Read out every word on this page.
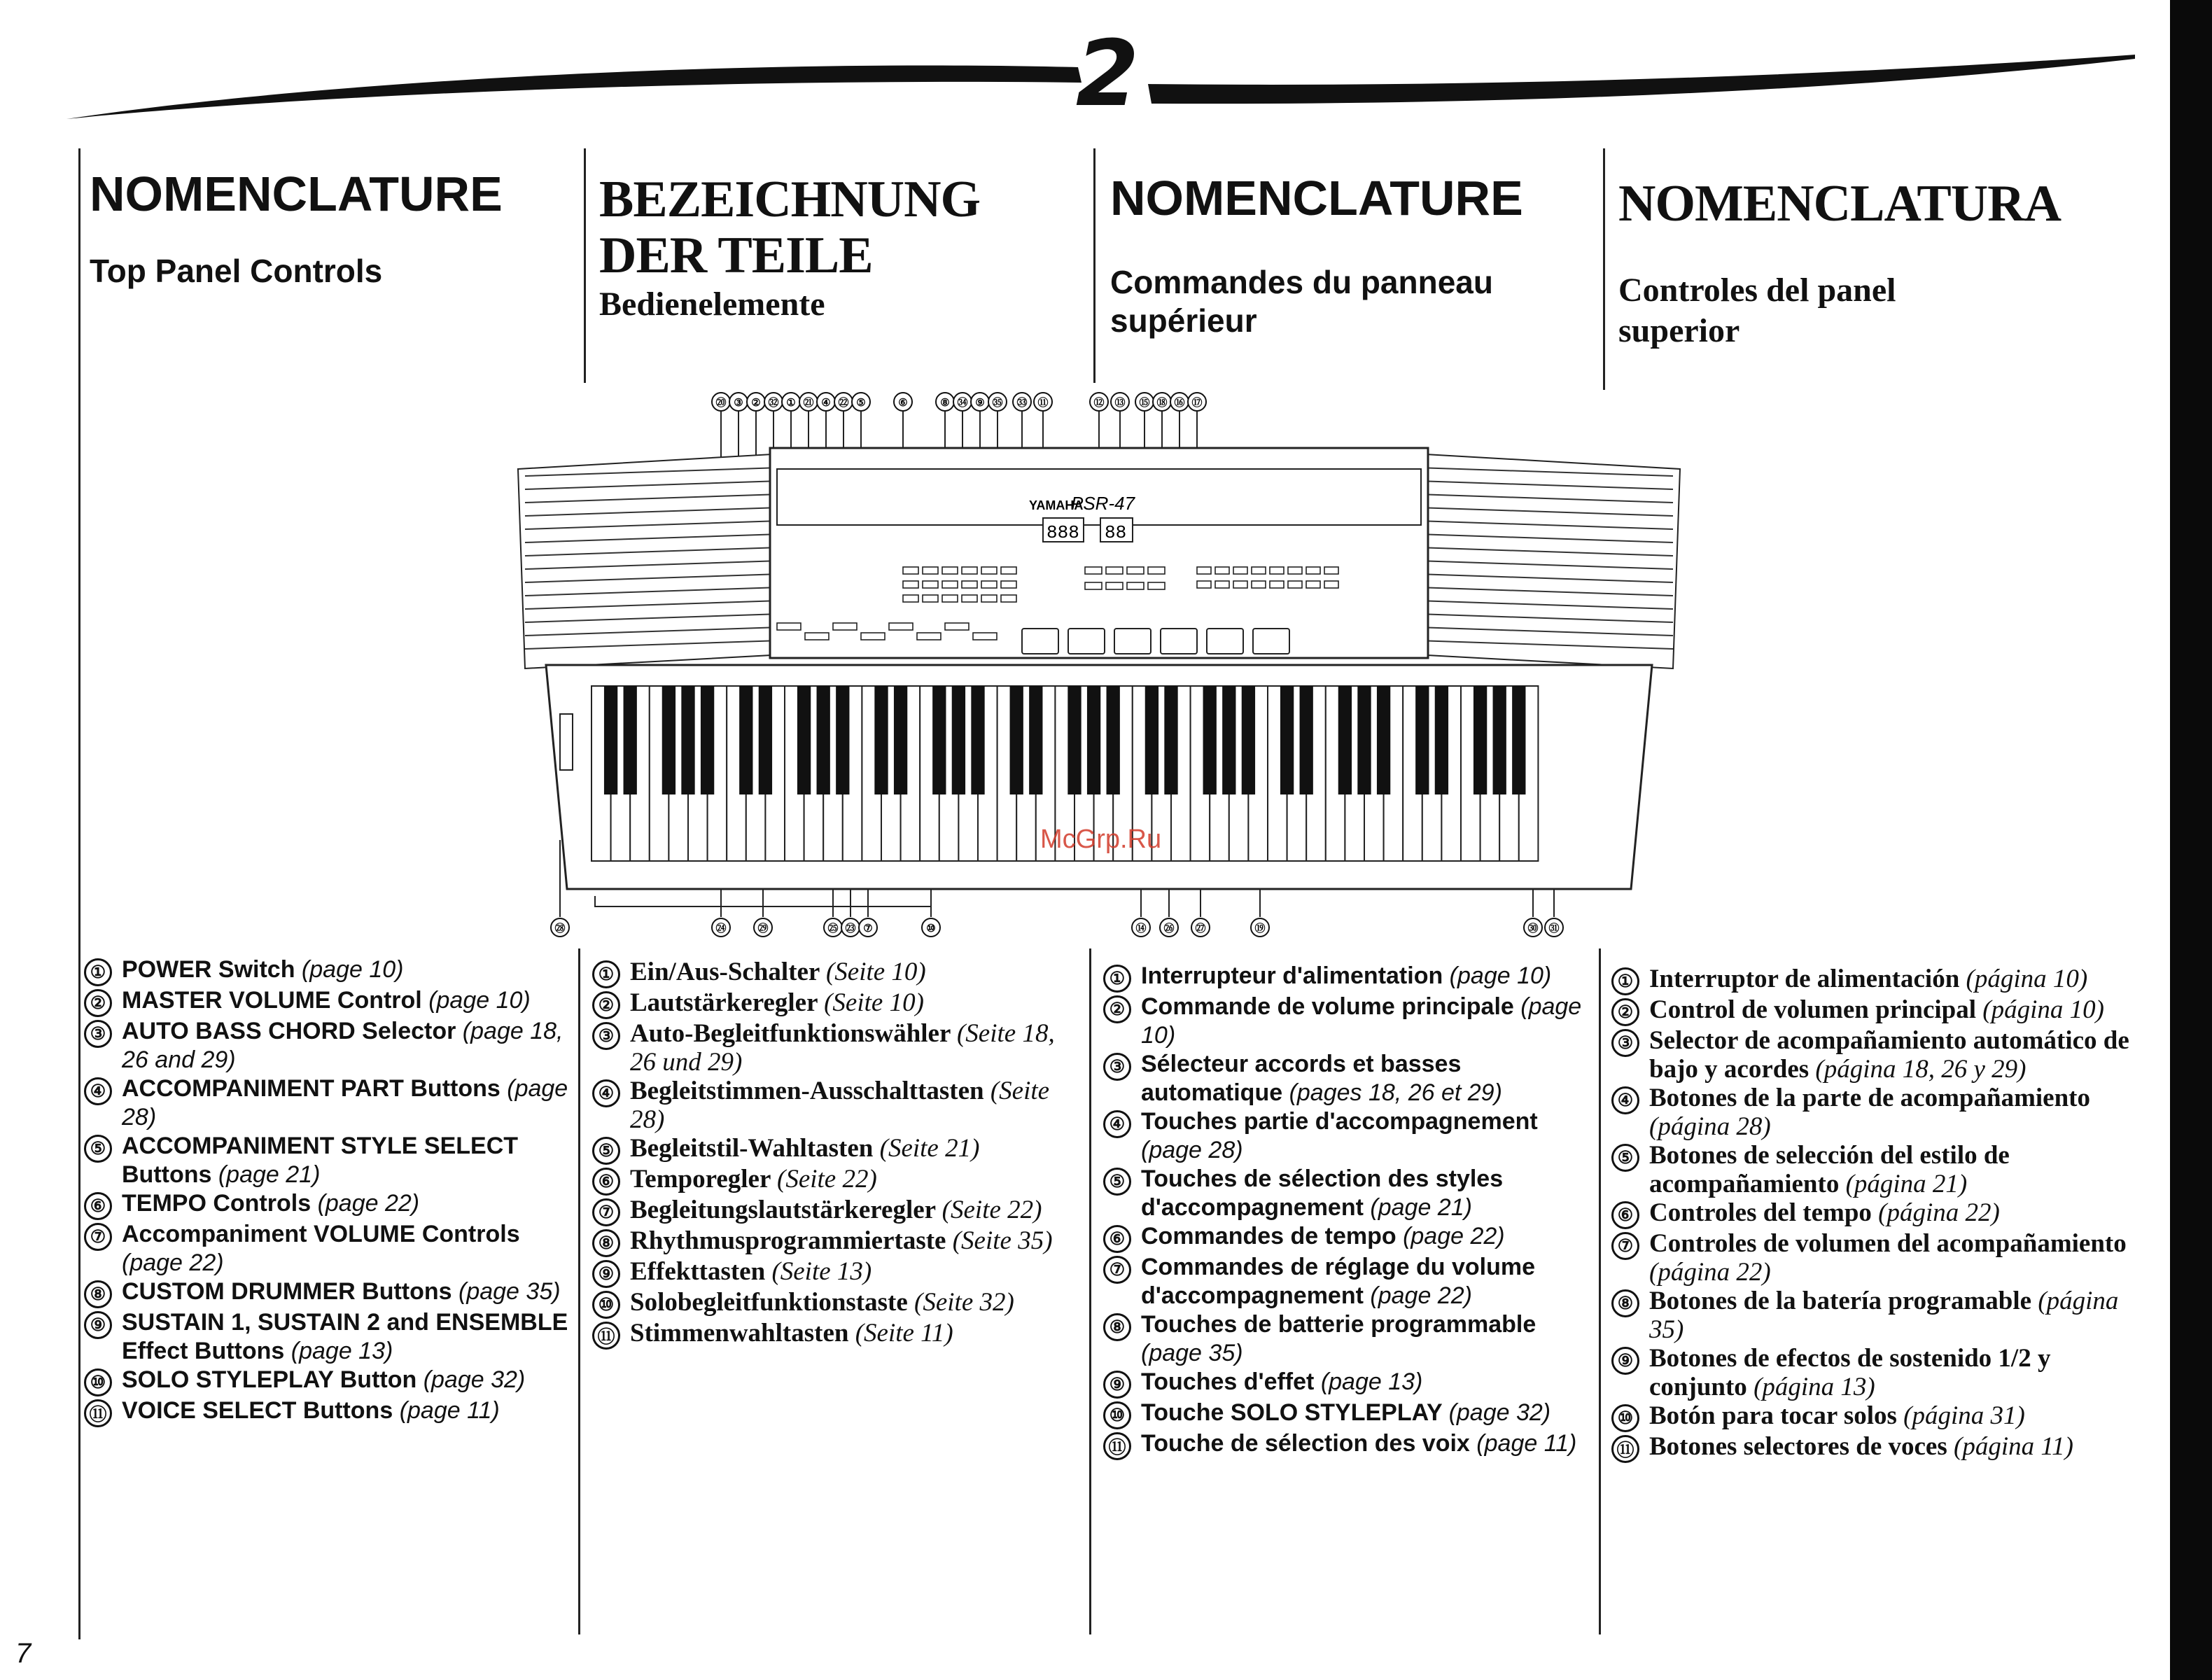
2
NOMENCLATURE
Top Panel Controls
BEZEICHNUNG DER TEILE
Bedienelemente
NOMENCLATURE
Commandes du panneau supérieur
NOMENCLATURA
Controles del panel superior
⑳ ③ ② ㉜ ① ㉑ ④ ㉒ ⑤	⑥	⑧ ㉞ ⑨ ㉟ ㉝ ⑪	⑫ ⑬ ⑮ ⑱ ⑯ ⑰
YAMAHA
PSR-47
888 88
㉘	㉔	㉙	㉕ ㉓ ⑦	⑩	⑭ ㉖ ㉗	⑲	㉚ ㉛
① POWER Switch (page 10)
② MASTER VOLUME Control (page 10)
③ AUTO BASS CHORD Selector (page 18, 26 and 29)
④ ACCOMPANIMENT PART Buttons (page 28)
⑤ ACCOMPANIMENT STYLE SELECT Buttons (page 21)
⑥ TEMPO Controls (page 22)
⑦ Accompaniment VOLUME Controls (page 22)
⑧ CUSTOM DRUMMER Buttons (page 35)
⑨ SUSTAIN 1, SUSTAIN 2 and ENSEMBLE Effect Buttons (page 13)
⑩ SOLO STYLEPLAY Button (page 32)
⑪ VOICE SELECT Buttons (page 11)
① Ein/Aus-Schalter (Seite 10)
② Lautstärkeregler (Seite 10)
③ Auto-Begleitfunktionswähler (Seite 18, 26 und 29)
④ Begleitstimmen-Ausschalttasten (Seite 28)
⑤ Begleitstil-Wahltasten (Seite 21)
⑥ Temporegler (Seite 22)
⑦ Begleitungslautstärkeregler (Seite 22)
⑧ Rhythmusprogrammiertaste (Seite 35)
⑨ Effekttasten (Seite 13)
⑩ Solobegleitfunktionstaste (Seite 32)
⑪ Stimmenwahltasten (Seite 11)
① Interrupteur d'alimentation (page 10)
② Commande de volume principale (page 10)
③ Sélecteur accords et basses automatique (pages 18, 26 et 29)
④ Touches partie d'accompagnement (page 28)
⑤ Touches de sélection des styles d'accompagnement (page 21)
⑥ Commandes de tempo (page 22)
⑦ Commandes de réglage du volume d'accompagnement (page 22)
⑧ Touches de batterie programmable (page 35)
⑨ Touches d'effet (page 13)
⑩ Touche SOLO STYLEPLAY (page 32)
⑪ Touche de sélection des voix (page 11)
① Interruptor de alimentación (página 10)
② Control de volumen principal (página 10)
③ Selector de acompañamiento automático de bajo y acordes (página 18, 26 y 29)
④ Botones de la parte de acompañamiento (página 28)
⑤ Botones de selección del estilo de acompañamiento (página 21)
⑥ Controles del tempo (página 22)
⑦ Controles de volumen del acompañamiento (página 22)
⑧ Botones de la batería programable (página 35)
⑨ Botones de efectos de sostenido 1/2 y conjunto (página 13)
⑩ Botón para tocar solos (página 31)
⑪ Botones selectores de voces (página 11)
7
McGrp.Ru
